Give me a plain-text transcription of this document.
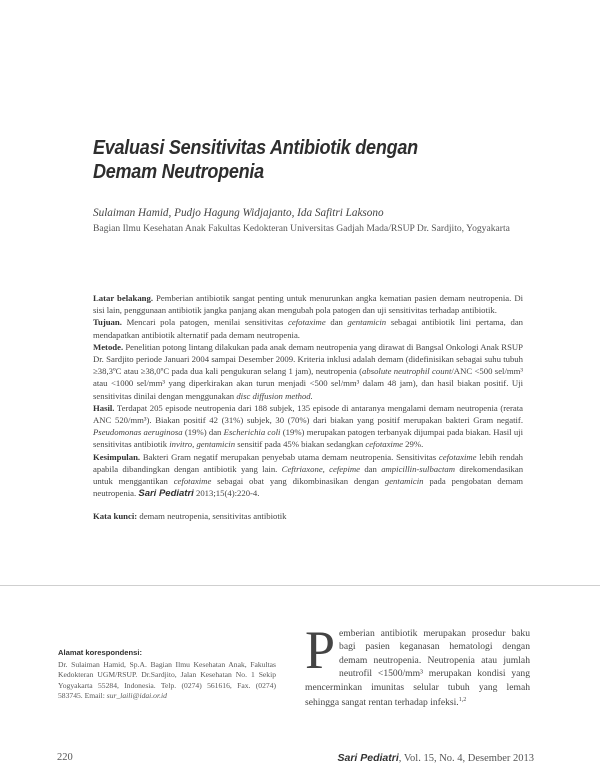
Evaluasi Sensitivitas Antibiotik dengan
Demam Neutropenia
Sulaiman Hamid, Pudjo Hagung Widjajanto, Ida Safitri Laksono
Bagian Ilmu Kesehatan Anak Fakultas Kedokteran Universitas Gadjah Mada/RSUP Dr. Sardjito, Yogyakarta

Latar belakang. Pemberian antibiotik sangat penting untuk menurunkan angka kematian pasien demam neutropenia. Di sisi lain, penggunaan antibiotik jangka panjang akan mengubah pola patogen dan uji sensitivitas terhadap antibiotik.

Tujuan. Mencari pola patogen, menilai sensitivitas cefotaxime dan gentamicin sebagai antibiotik lini pertama, dan mendapatkan antibiotik alternatif pada demam neutropenia.

Metode. Penelitian potong lintang dilakukan pada anak demam neutropenia yang dirawat di Bangsal Onkologi Anak RSUP Dr. Sardjito periode Januari 2004 sampai Desember 2009. Kriteria inklusi adalah demam (didefinisikan sebagai suhu tubuh ≥38,3ºC atau ≥38,0ºC pada dua kali pengukuran selang 1 jam), neutropenia (absolute neutrophil count/ANC <500 sel/mm³ atau <1000 sel/mm³ yang diperkirakan akan turun menjadi <500 sel/mm³ dalam 48 jam), dan hasil biakan positif. Uji sensitivitas dinilai dengan menggunakan disc diffusion method.

Hasil. Terdapat 205 episode neutropenia dari 188 subjek, 135 episode di antaranya mengalami demam neutropenia (rerata ANC 520/mm³). Biakan positif 42 (31%) subjek, 30 (70%) dari biakan yang positif merupakan bakteri Gram negatif. Pseudomonas aeruginosa (19%) dan Escherichia coli (19%) merupakan patogen terbanyak dijumpai pada biakan. Hasil uji sensitivitas antibiotik invitro, gentamicin sensitif pada 45% biakan sedangkan cefotaxime 29%.

Kesimpulan. Bakteri Gram negatif merupakan penyebab utama demam neutropenia. Sensitivitas cefotaxime lebih rendah apabila dibandingkan dengan antibiotik yang lain. Ceftriaxone, cefepime dan ampicillin-sulbactam direkomendasikan untuk menggantikan cefotaxime sebagai obat yang dikombinasikan dengan gentamicin pada pengobatan demam neutropenia. Sari Pediatri 2013;15(4):220-4.

Kata kunci: demam neutropenia, sensitivitas antibiotik

Alamat korespondensi:
Dr. Sulaiman Hamid, Sp.A. Bagian Ilmu Kesehatan Anak, Fakultas Kedokteran UGM/RSUP. Dr.Sardjito, Jalan Kesehatan No. 1 Sekip Yogyakarta 55284, Indonesia. Telp. (0274) 561616, Fax. (0274) 583745. Email: sur_laili@idai.or.id
Pemberian antibiotik merupakan prosedur baku bagi pasien keganasan hematologi dengan demam neutropenia. Neutropenia atau jumlah neutrofil <1500/mm³ merupakan kondisi yang mencerminkan imunitas selular tubuh yang lemah sehingga sangat rentan terhadap infeksi.$^{1,2}$
220	Sari Pediatri, Vol. 15, No. 4, Desember 2013
